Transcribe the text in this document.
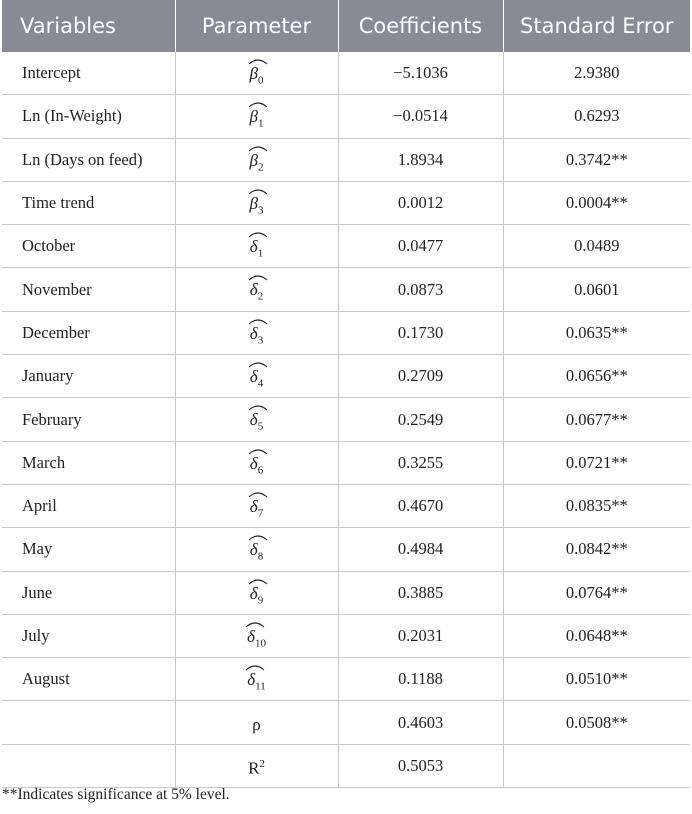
Variables	Parameter	Coefficients	Standard Error
Intercept	$\beta_0$	−5.1036	2.9380
Ln (In-Weight)	$\beta_1$	−0.0514	0.6293
Ln (Days on feed)	$\beta_2$	1.8934	0.3742**
Time trend	$\beta_3$	0.0012	0.0004**
October	$\delta_1$	0.0477	0.0489
November	$\delta_2$	0.0873	0.0601
December	$\delta_3$	0.1730	0.0635**
January	$\delta_4$	0.2709	0.0656**
February	$\delta_5$	0.2549	0.0677**
March	$\delta_6$	0.3255	0.0721**
April	$\delta_7$	0.4670	0.0835**
May	$\delta_8$	0.4984	0.0842**
June	$\delta_9$	0.3885	0.0764**
July	$\delta_{10}$	0.2031	0.0648**
August	$\delta_{11}$	0.1188	0.0510**
	ρ	0.4603	0.0508**
	$R^2$	0.5053	
**Indicates significance at 5% level.
